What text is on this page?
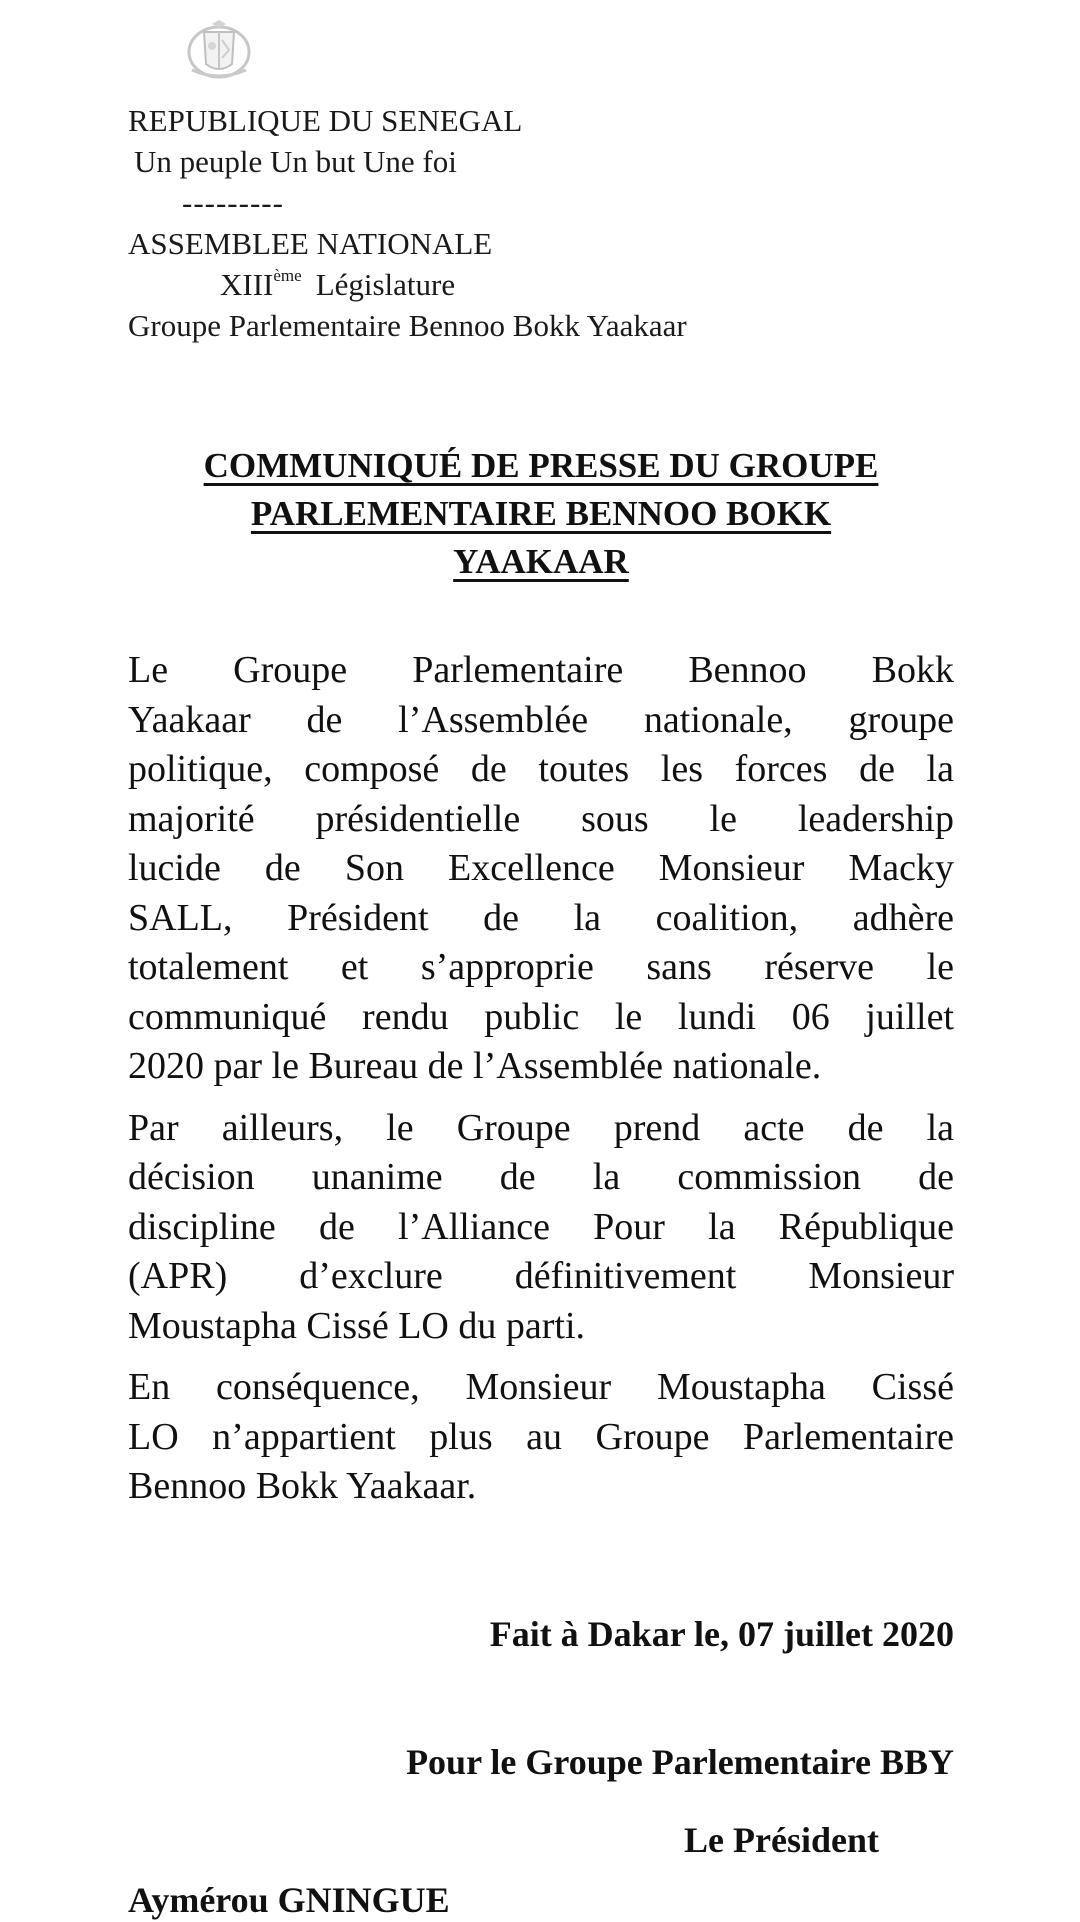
REPUBLIQUE DU SENEGAL
Un peuple Un but Une foi
---------
ASSEMBLEE NATIONALE
XIIIème Législature
Groupe Parlementaire Bennoo Bokk Yaakaar
COMMUNIQUÉ DE PRESSE DU GROUPE
PARLEMENTAIRE BENNOO BOKK
YAAKAAR
Le Groupe Parlementaire Bennoo Bokk
Yaakaar de l’Assemblée nationale, groupe
politique, composé de toutes les forces de la
majorité présidentielle sous le leadership
lucide de Son Excellence Monsieur Macky
SALL, Président de la coalition, adhère
totalement et s’approprie sans réserve le
communiqué rendu public le lundi 06 juillet
2020 par le Bureau de l’Assemblée nationale.
Par ailleurs, le Groupe prend acte de la
décision unanime de la commission de
discipline de l’Alliance Pour la République
(APR) d’exclure définitivement Monsieur
Moustapha Cissé LO du parti.
En conséquence, Monsieur Moustapha Cissé
LO n’appartient plus au Groupe Parlementaire
Bennoo Bokk Yaakaar.
Fait à Dakar le, 07 juillet 2020
Pour le Groupe Parlementaire BBY
Le Président
Aymérou GNINGUE
